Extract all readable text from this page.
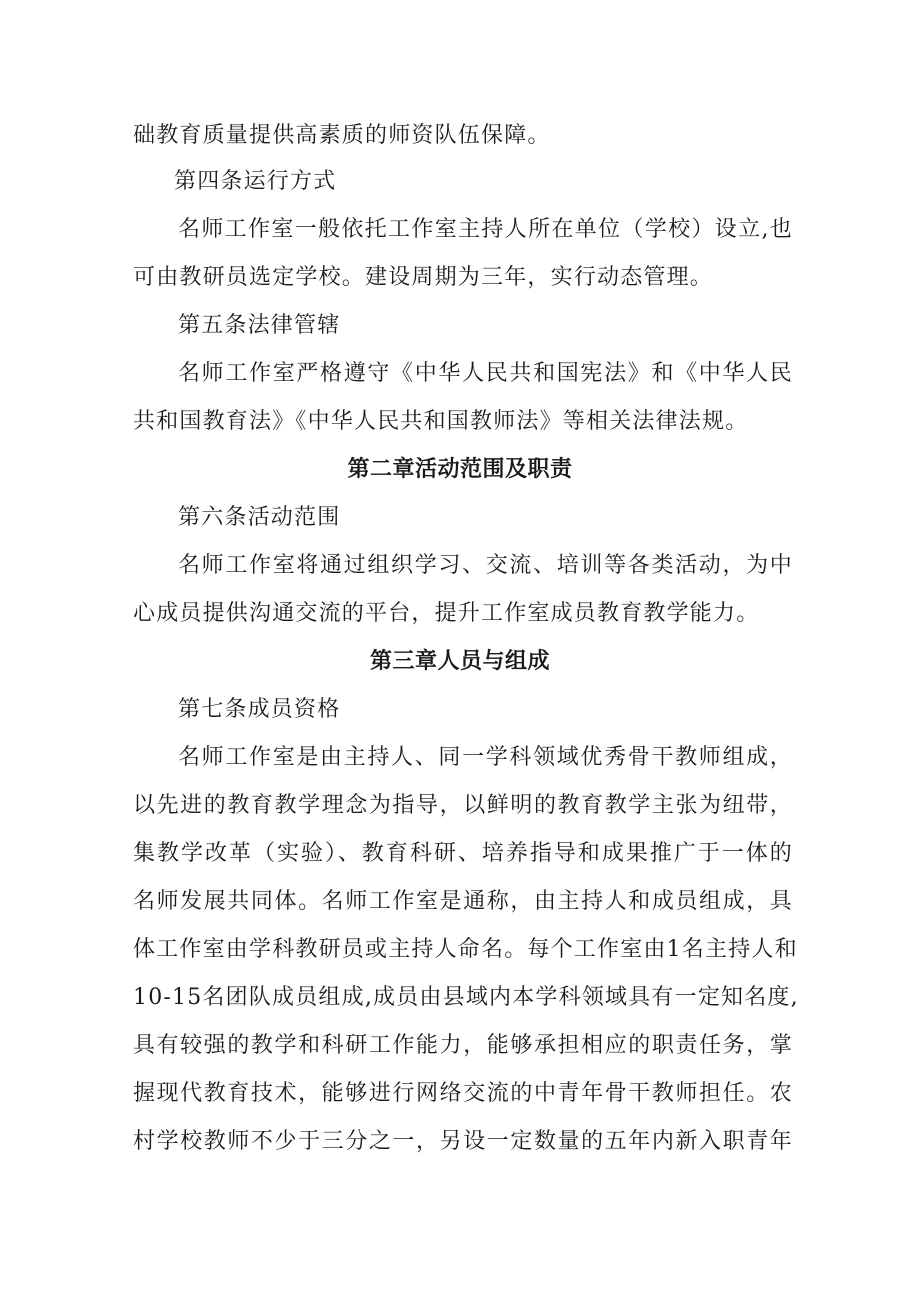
础教育质量提供高素质的师资队伍保障。
第四条运行方式
名师工作室一般依托工作室主持人所在单位（学校）设立,也
可由教研员选定学校。建设周期为三年，实行动态管理。
第五条法律管辖
名师工作室严格遵守《中华人民共和国宪法》和《中华人民
共和国教育法》《中华人民共和国教师法》等相关法律法规。
第二章活动范围及职责
第六条活动范围
名师工作室将通过组织学习、交流、培训等各类活动，为中
心成员提供沟通交流的平台，提升工作室成员教育教学能力。
第三章人员与组成
第七条成员资格
名师工作室是由主持人、同一学科领域优秀骨干教师组成，
以先进的教育教学理念为指导，以鲜明的教育教学主张为纽带，
集教学改革（实验）、教育科研、培养指导和成果推广于一体的
名师发展共同体。名师工作室是通称，由主持人和成员组成，具
体工作室由学科教研员或主持人命名。每个工作室由1名主持人和
10-15名团队成员组成,成员由县域内本学科领域具有一定知名度,
具有较强的教学和科研工作能力，能够承担相应的职责任务，掌
握现代教育技术，能够进行网络交流的中青年骨干教师担任。农
村学校教师不少于三分之一，另设一定数量的五年内新入职青年
